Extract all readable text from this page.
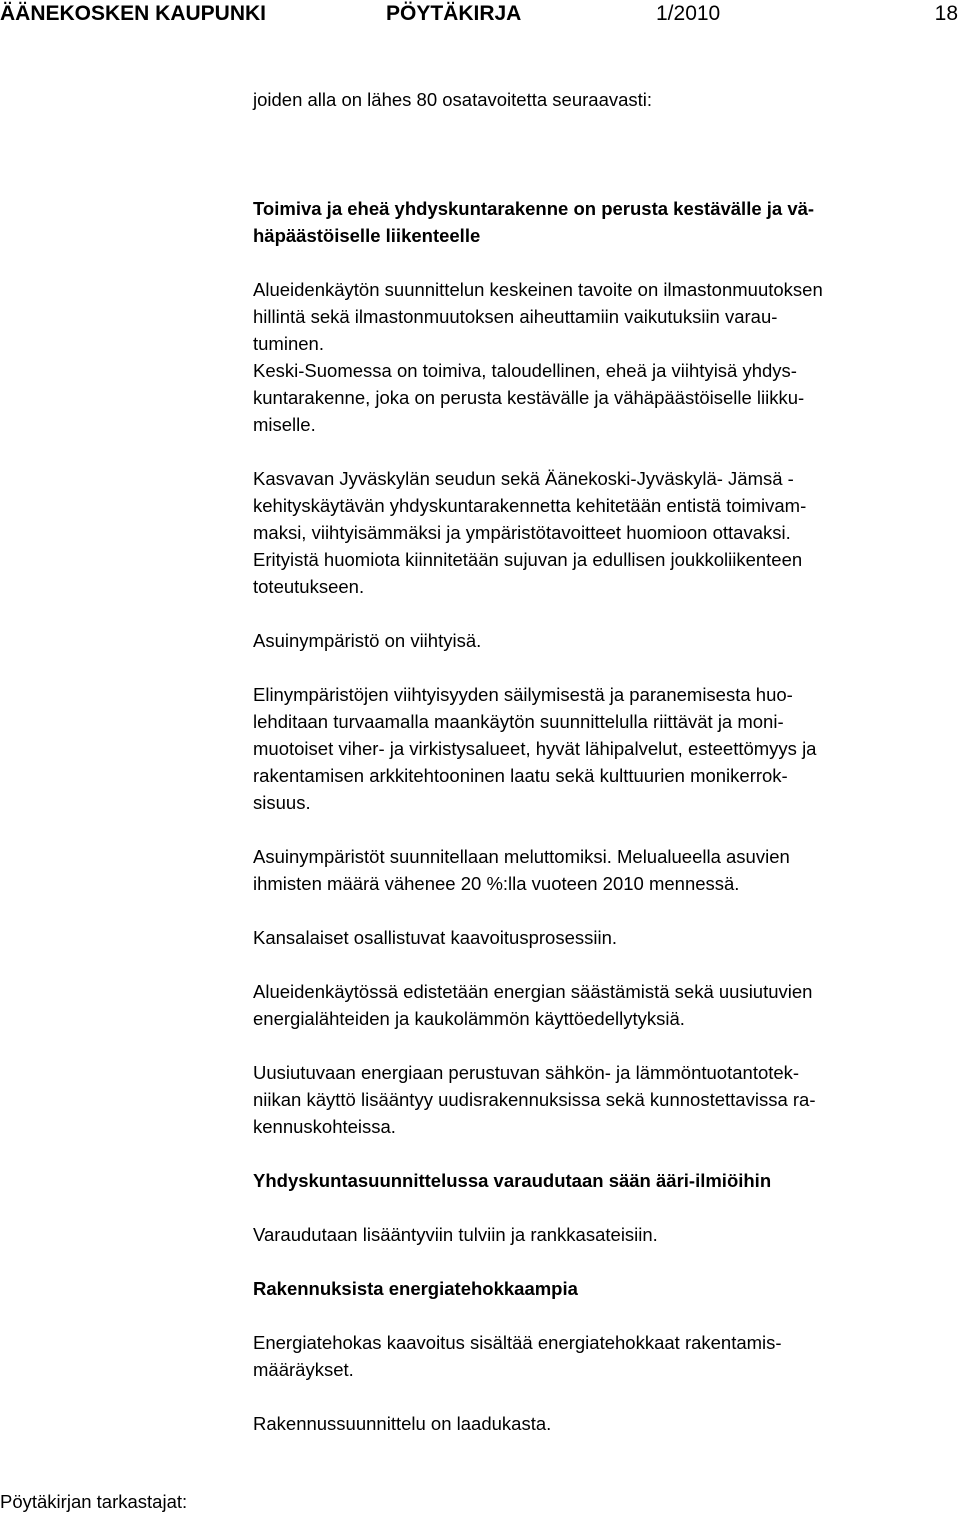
ÄÄNEKOSKEN KAUPUNKI	PÖYTÄKIRJA	1/2010	18
joiden alla on lähes 80 osatavoitetta seuraavasti:
Toimiva ja eheä yhdyskuntarakenne on perusta kestävälle ja vä-
häpäästöiselle liikenteelle
Alueidenkäytön suunnittelun keskeinen tavoite on ilmastonmuutoksen
hillintä sekä ilmastonmuutoksen aiheuttamiin vaikutuksiin varau-
tuminen.
Keski-Suomessa on toimiva, taloudellinen, eheä ja viihtyisä yhdys-
kuntarakenne, joka on perusta kestävälle ja vähäpäästöiselle liikku-
miselle.
Kasvavan Jyväskylän seudun sekä Äänekoski-Jyväskylä- Jämsä -
kehityskäytävän yhdyskuntarakennetta kehitetään entistä toimivam-
maksi, viihtyisämmäksi ja ympäristötavoitteet huomioon ottavaksi.
Erityistä huomiota kiinnitetään sujuvan ja edullisen joukkoliikenteen
toteutukseen.
Asuinympäristö on viihtyisä.
Elinympäristöjen viihtyisyyden säilymisestä ja paranemisesta huo-
lehditaan turvaamalla maankäytön suunnittelulla riittävät ja moni-
muotoiset viher- ja virkistysalueet, hyvät lähipalvelut, esteettömyys ja
rakentamisen arkkitehtooninen laatu sekä kulttuurien monikerrok-
sisuus.
Asuinympäristöt suunnitellaan meluttomiksi. Melualueella asuvien
ihmisten määrä vähenee 20 %:lla vuoteen 2010 mennessä.
Kansalaiset osallistuvat kaavoitusprosessiin.
Alueidenkäytössä edistetään energian säästämistä sekä uusiutuvien
energialähteiden ja kaukolämmön käyttöedellytyksiä.
Uusiutuvaan energiaan perustuvan sähkön- ja lämmöntuotantotek-
niikan käyttö lisääntyy uudisrakennuksissa sekä kunnostettavissa ra-
kennuskohteissa.
Yhdyskuntasuunnittelussa varaudutaan sään ääri-ilmiöihin
Varaudutaan lisääntyviin tulviin ja rankkasateisiin.
Rakennuksista energiatehokkaampia
Energiatehokas kaavoitus sisältää energiatehokkaat rakentamis-
määräykset.
Rakennussuunnittelu on laadukasta.
Pöytäkirjan tarkastajat:
